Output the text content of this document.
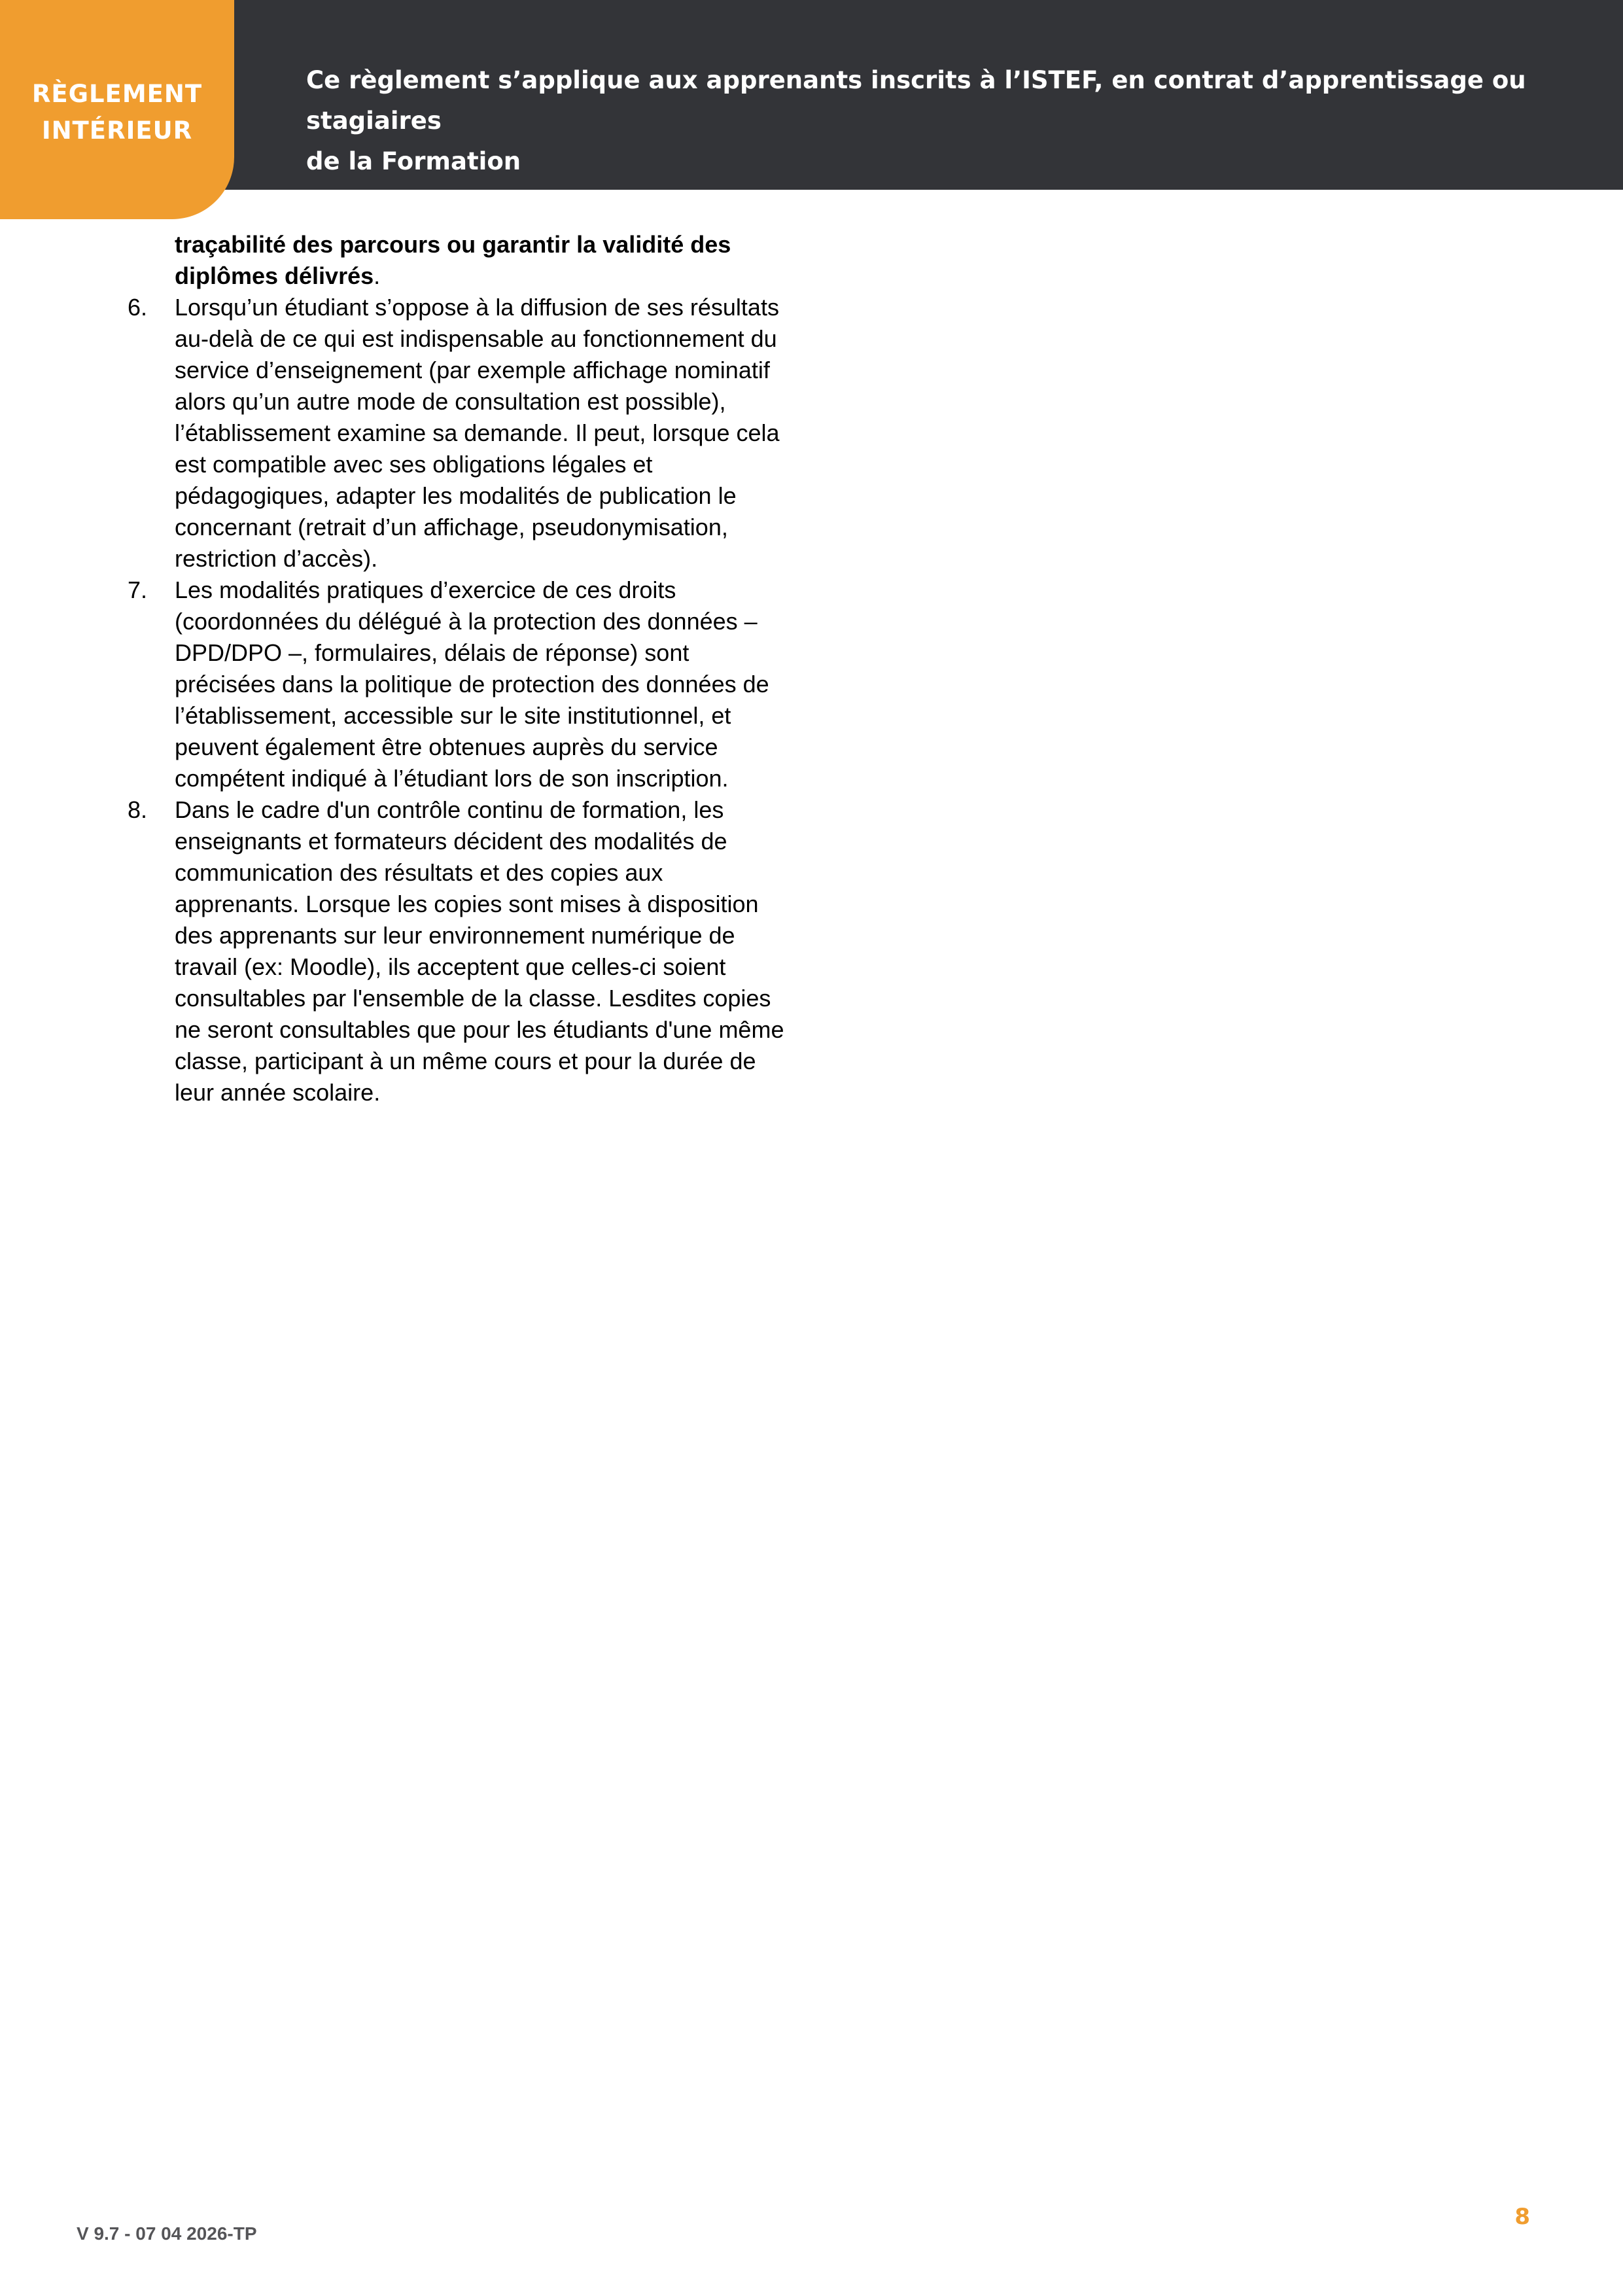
RÈGLEMENT
INTÉRIEUR
Ce règlement s’applique aux apprenants inscrits à l’ISTEF, en contrat d’apprentissage ou stagiaires
de la Formation

traçabilité des parcours ou garantir la validité des diplômes délivrés.

6. Lorsqu’un étudiant s’oppose à la diffusion de ses résultats au-delà de ce qui est indispensable au fonctionnement du service d’enseignement (par exemple affichage nominatif alors qu’un autre mode de consultation est possible), l’établissement examine sa demande. Il peut, lorsque cela est compatible avec ses obligations légales et pédagogiques, adapter les modalités de publication le concernant (retrait d’un affichage, pseudonymisation, restriction d’accès).
7. Les modalités pratiques d’exercice de ces droits (coordonnées du délégué à la protection des données – DPD/DPO –, formulaires, délais de réponse) sont précisées dans la politique de protection des données de l’établissement, accessible sur le site institutionnel, et peuvent également être obtenues auprès du service compétent indiqué à l’étudiant lors de son inscription.
8. Dans le cadre d'un contrôle continu de formation, les enseignants et formateurs décident des modalités de communication des résultats et des copies aux apprenants. Lorsque les copies sont mises à disposition des apprenants sur leur environnement numérique de travail (ex: Moodle), ils acceptent que celles-ci soient consultables par l'ensemble de la classe. Lesdites copies ne seront consultables que pour les étudiants d'une même classe, participant à un même cours et pour la durée de leur année scolaire.
V 9.7 - 07 04 2026-TP
8
